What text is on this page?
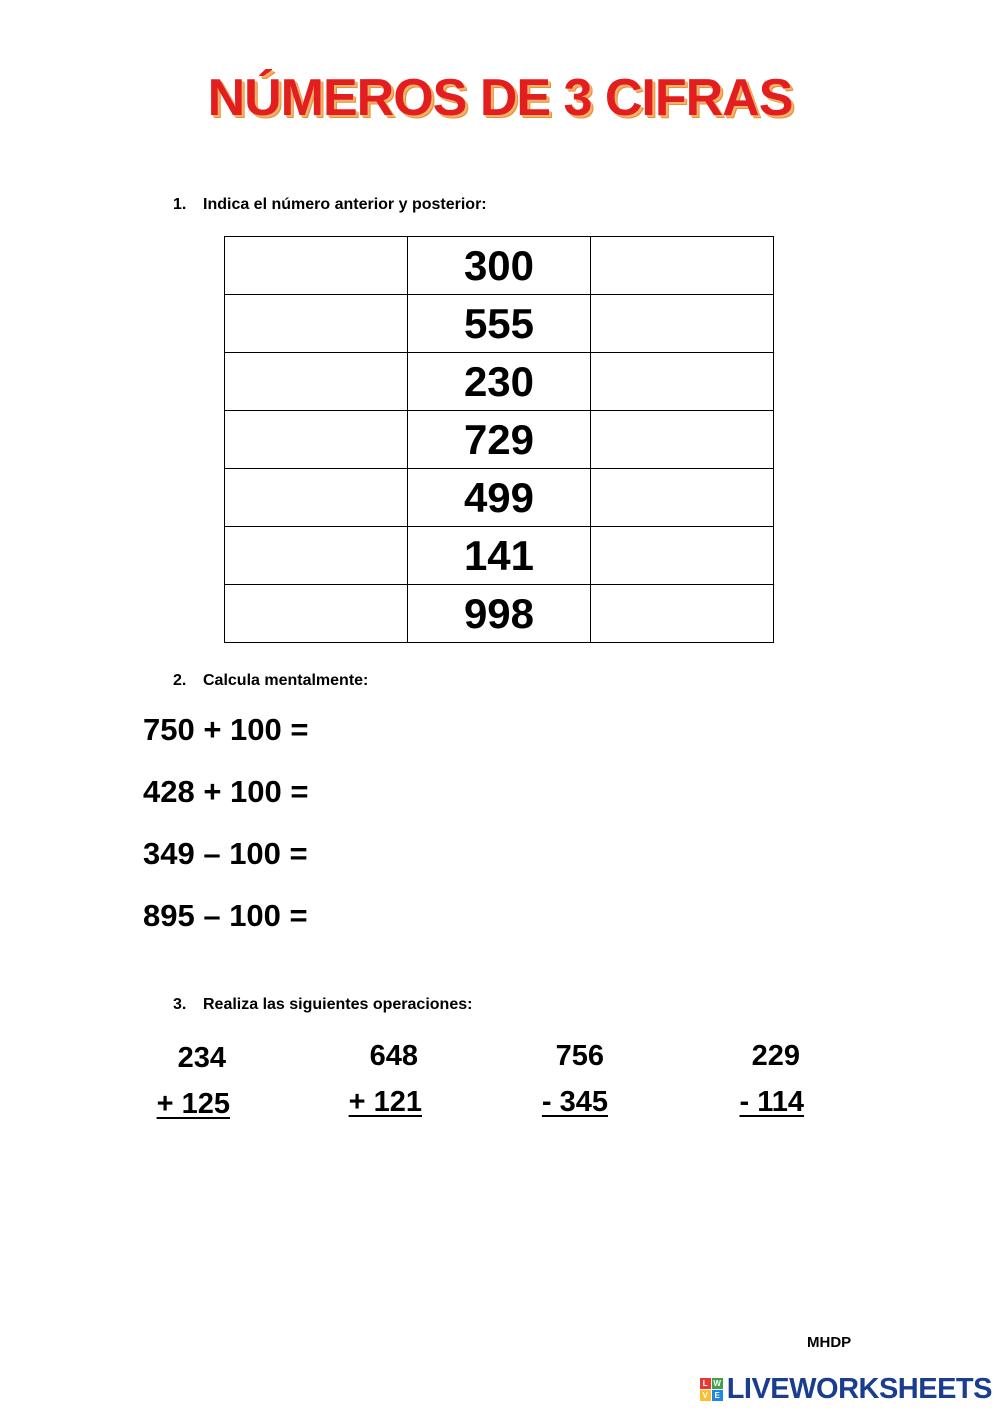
NÚMEROS DE 3 CIFRAS
1. Indica el número anterior y posterior:
	300	
	555	
	230	
	729	
	499	
	141	
	998	
2. Calcula mentalmente:
750 + 100 =
428 + 100 =
349 – 100 =
895 – 100 =
3. Realiza las siguientes operaciones:
234
+ 125
648
+ 121
756
- 345
229
- 114
MHDP
L W
V E LIVEWORKSHEETS
